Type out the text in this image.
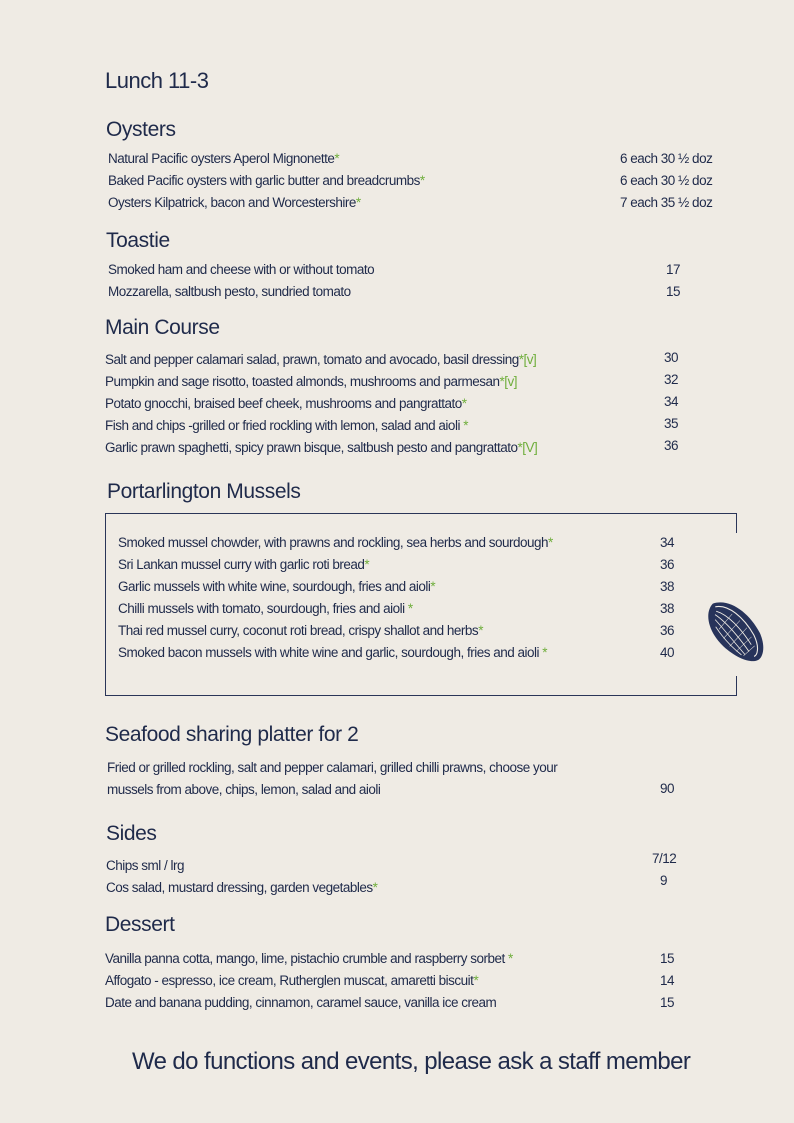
Lunch 11-3
Oysters
Natural Pacific oysters Aperol Mignonette*	6 each 30 ½ doz
Baked Pacific oysters with garlic butter and breadcrumbs*	6 each 30 ½ doz
Oysters Kilpatrick, bacon and Worcestershire*	7 each 35 ½ doz
Toastie
Smoked ham and cheese with or without tomato	17
Mozzarella, saltbush pesto, sundried tomato	15
Main Course
Salt and pepper calamari salad, prawn, tomato and avocado, basil dressing*[v]	30
Pumpkin and sage risotto, toasted almonds, mushrooms and parmesan*[v]	32
Potato gnocchi, braised beef cheek, mushrooms and pangrattato*	34
Fish and chips -grilled or fried rockling with lemon, salad and aioli *	35
Garlic prawn spaghetti, spicy prawn bisque, saltbush pesto and pangrattato*[V]	36
Portarlington Mussels
Smoked mussel chowder, with prawns and rockling, sea herbs and sourdough*	34
Sri Lankan mussel curry with garlic roti bread*	36
Garlic mussels with white wine, sourdough, fries and aioli*	38
Chilli mussels with tomato, sourdough, fries and aioli *	38
Thai red mussel curry, coconut roti bread, crispy shallot and herbs*	36
Smoked bacon mussels with white wine and garlic, sourdough, fries and aioli *	40
Seafood sharing platter for 2
Fried or grilled rockling, salt and pepper calamari, grilled chilli prawns, choose your
mussels from above, chips, lemon, salad and aioli	90
Sides
Chips sml / lrg	7/12
Cos salad, mustard dressing, garden vegetables*	9
Dessert
Vanilla panna cotta, mango, lime, pistachio crumble and raspberry sorbet *	15
Affogato - espresso, ice cream, Rutherglen muscat, amaretti biscuit*	14
Date and banana pudding, cinnamon, caramel sauce, vanilla ice cream	15
We do functions and events, please ask a staff member
